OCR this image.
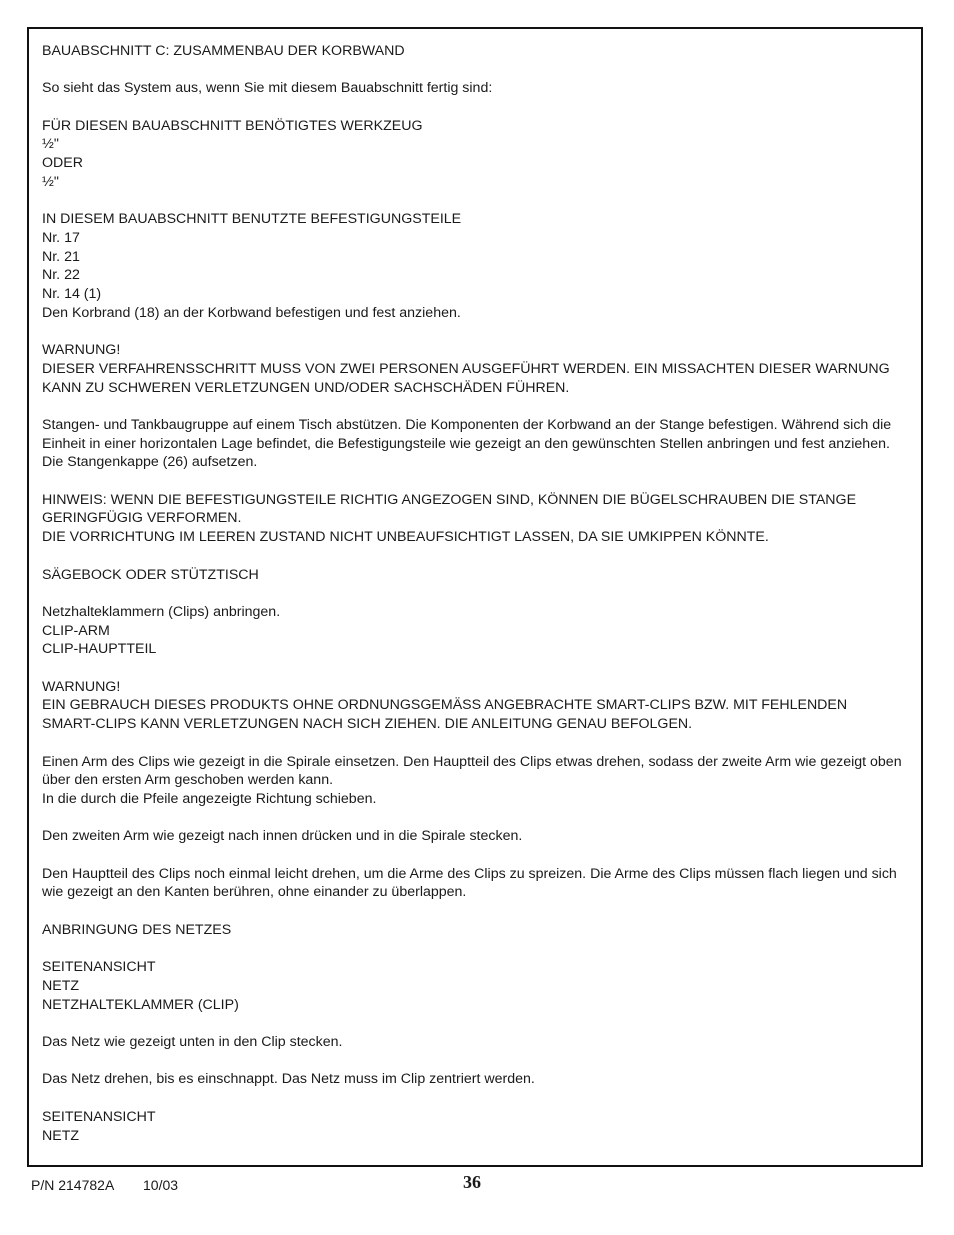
BAUABSCHNITT C: ZUSAMMENBAU DER KORBWAND

So sieht das System aus, wenn Sie mit diesem Bauabschnitt fertig sind:

FÜR DIESEN BAUABSCHNITT BENÖTIGTES WERKZEUG
½"
ODER
½"

IN DIESEM BAUABSCHNITT BENUTZTE BEFESTIGUNGSTEILE
Nr. 17
Nr. 21
Nr. 22
Nr. 14 (1)
Den Korbrand (18) an der Korbwand befestigen und fest anziehen.

WARNUNG!
DIESER VERFAHRENSSCHRITT MUSS VON ZWEI PERSONEN AUSGEFÜHRT WERDEN. EIN MISSACHTEN DIESER WARNUNG KANN ZU SCHWEREN VERLETZUNGEN UND/ODER SACHSCHÄDEN FÜHREN.

Stangen- und Tankbaugruppe auf einem Tisch abstützen. Die Komponenten der Korbwand an der Stange befestigen. Während sich die Einheit in einer horizontalen Lage befindet, die Befestigungsteile wie gezeigt an den gewünschten Stellen anbringen und fest anziehen. Die Stangenkappe (26) aufsetzen.

HINWEIS: WENN DIE BEFESTIGUNGSTEILE RICHTIG ANGEZOGEN SIND, KÖNNEN DIE BÜGELSCHRAUBEN DIE STANGE GERINGFÜGIG VERFORMEN.
DIE VORRICHTUNG IM LEEREN ZUSTAND NICHT UNBEAUFSICHTIGT LASSEN, DA SIE UMKIPPEN KÖNNTE.

SÄGEBOCK ODER STÜTZTISCH

Netzhalteklammern (Clips) anbringen.
CLIP-ARM
CLIP-HAUPTTEIL

WARNUNG!
EIN GEBRAUCH DIESES PRODUKTS OHNE ORDNUNGSGEMÄSS ANGEBRACHTE SMART-CLIPS BZW. MIT FEHLENDEN SMART-CLIPS KANN VERLETZUNGEN NACH SICH ZIEHEN. DIE ANLEITUNG GENAU BEFOLGEN.

Einen Arm des Clips wie gezeigt in die Spirale einsetzen. Den Hauptteil des Clips etwas drehen, sodass der zweite Arm wie gezeigt oben über den ersten Arm geschoben werden kann.
In die durch die Pfeile angezeigte Richtung schieben.

Den zweiten Arm wie gezeigt nach innen drücken und in die Spirale stecken.

Den Hauptteil des Clips noch einmal leicht drehen, um die Arme des Clips zu spreizen. Die Arme des Clips müssen flach liegen und sich wie gezeigt an den Kanten berühren, ohne einander zu überlappen.

ANBRINGUNG DES NETZES

SEITENANSICHT
NETZ
NETZHALTEKLAMMER (CLIP)

Das Netz wie gezeigt unten in den Clip stecken.

Das Netz drehen, bis es einschnappt. Das Netz muss im Clip zentriert werden.

SEITENANSICHT
NETZ

P/N 214782A 10/03	36
